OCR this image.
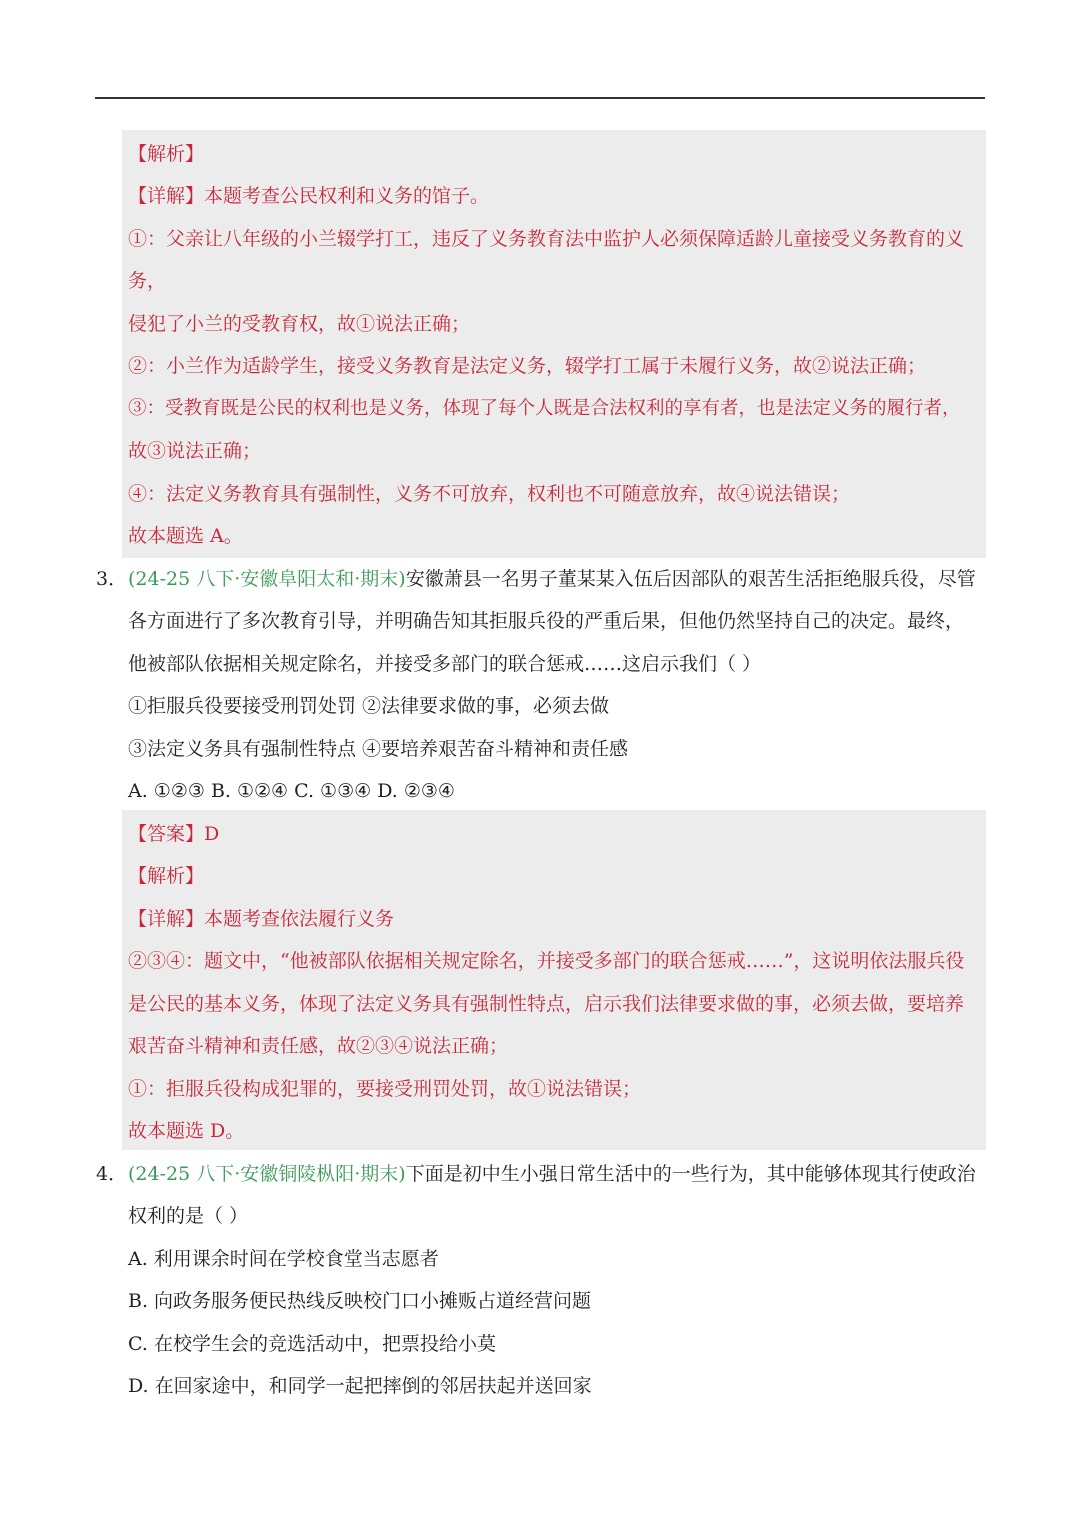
【解析】
【详解】本题考查公民权利和义务的馆子。
①：父亲让八年级的小兰辍学打工，违反了义务教育法中监护人必须保障适龄儿童接受义务教育的义
务，
侵犯了小兰的受教育权，故①说法正确；
②：小兰作为适龄学生，接受义务教育是法定义务，辍学打工属于未履行义务，故②说法正确；
③：受教育既是公民的权利也是义务，体现了每个人既是合法权利的享有者，也是法定义务的履行者，
故③说法正确；
④：法定义务教育具有强制性，义务不可放弃，权利也不可随意放弃，故④说法错误；
故本题选 A。
3． (24-25 八下·安徽阜阳太和·期末)安徽萧县一名男子董某某入伍后因部队的艰苦生活拒绝服兵役，尽管
各方面进行了多次教育引导，并明确告知其拒服兵役的严重后果，但他仍然坚持自己的决定。最终，
他被部队依据相关规定除名，并接受多部门的联合惩戒……这启示我们（ ）
①拒服兵役要接受刑罚处罚 ②法律要求做的事，必须去做
③法定义务具有强制性特点 ④要培养艰苦奋斗精神和责任感
A. ①②③ B. ①②④ C. ①③④ D. ②③④
【答案】D
【解析】
【详解】本题考查依法履行义务
②③④：题文中，“他被部队依据相关规定除名，并接受多部门的联合惩戒……”，这说明依法服兵役
是公民的基本义务，体现了法定义务具有强制性特点，启示我们法律要求做的事，必须去做，要培养
艰苦奋斗精神和责任感，故②③④说法正确；
①：拒服兵役构成犯罪的，要接受刑罚处罚，故①说法错误；
故本题选 D。
4． (24-25 八下·安徽铜陵枞阳·期末)下面是初中生小强日常生活中的一些行为，其中能够体现其行使政治
权利的是（ ）
A. 利用课余时间在学校食堂当志愿者
B. 向政务服务便民热线反映校门口小摊贩占道经营问题
C. 在校学生会的竞选活动中，把票投给小莫
D. 在回家途中，和同学一起把摔倒的邻居扶起并送回家
